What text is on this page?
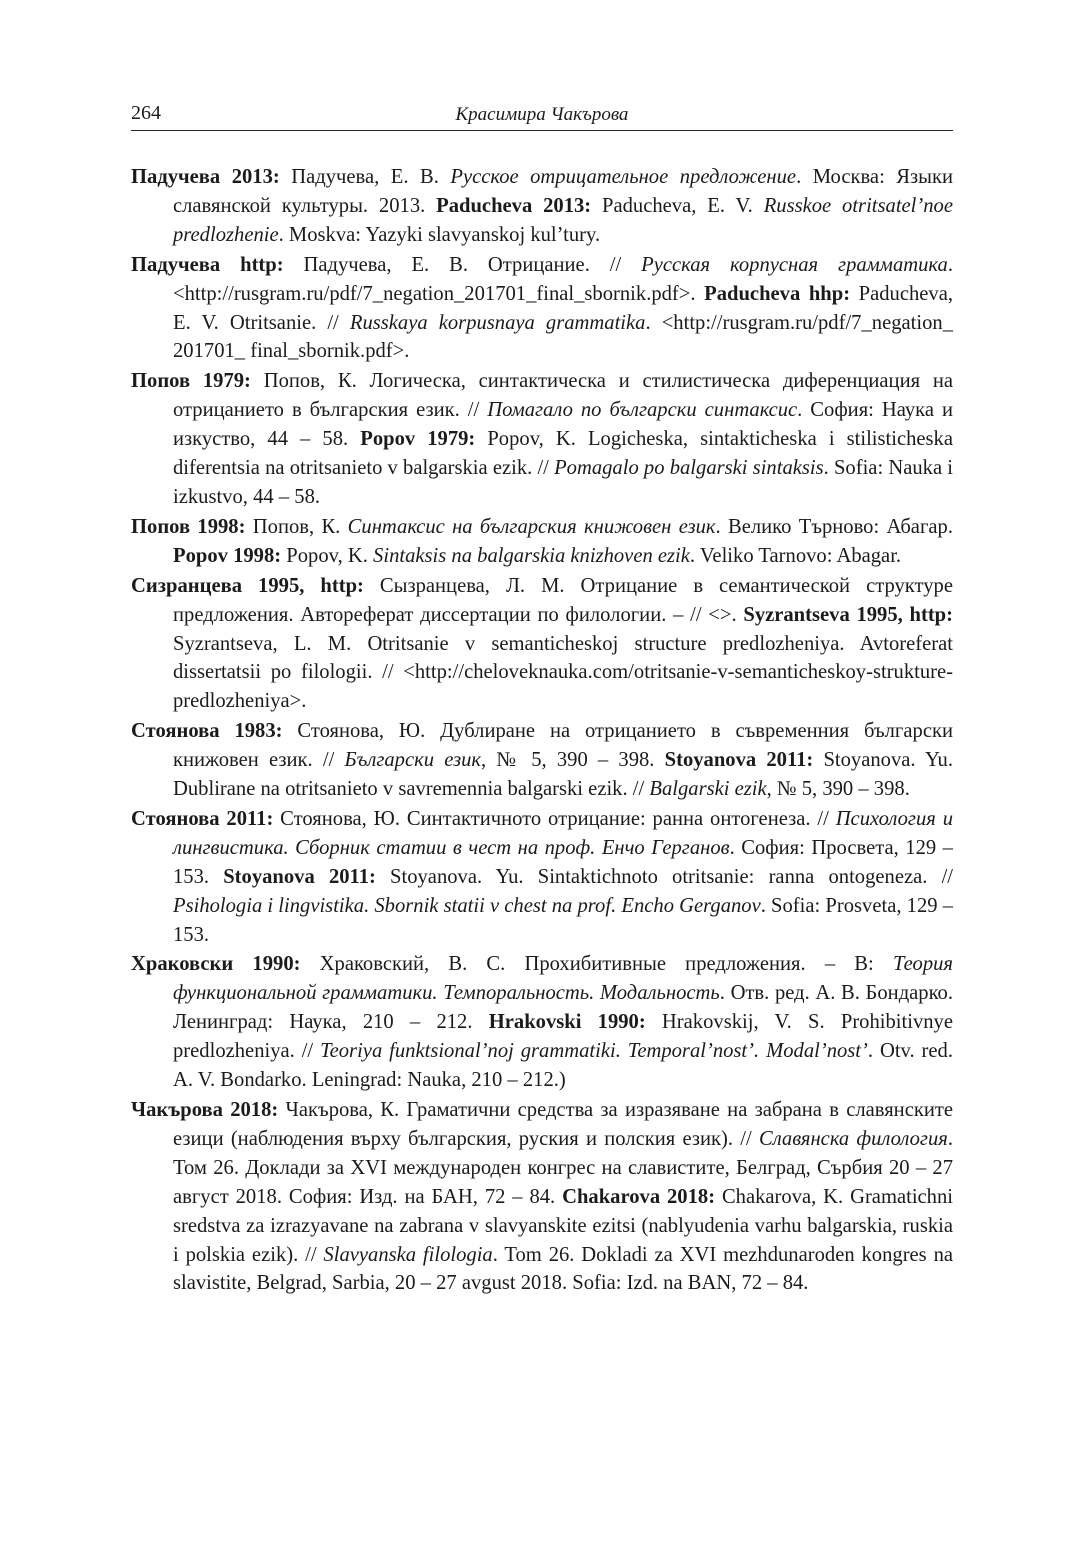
264	Красимира Чакърова

Падучева 2013: Падучева, Е. В. Русское отрицательное предложение. Москва: Языки славянской культуры. 2013. Paducheva 2013: Paducheva, E. V. Russkoe otritsatel’noe predlozhenie. Moskva: Yazyki slavyanskoj kul’tury.

Падучева http: Падучева, Е. В. Отрицание. // Русская корпусная грамматика. <http://rusgram.ru/pdf/7_negation_201701_final_sbornik.pdf>. Paducheva hhp: Paducheva, E. V. Otritsanie. // Russkaya korpusnaya grammatika. <http://rusgram.ru/pdf/7_negation_ 201701_ final_sbornik.pdf>.

Попов 1979: Попов, К. Логическа, синтактическа и стилистическа диференциация на отрицанието в българския език. // Помагало по български синтаксис. София: Наука и изкуство, 44 – 58. Popov 1979: Popov, K. Logicheska, sintakticheska i stilisticheska diferentsia na otritsanieto v balgarskia ezik. // Pomagalo po balgarski sintaksis. Sofia: Nauka i izkustvo, 44 – 58.

Попов 1998: Попов, К. Синтаксис на българския книжовен език. Велико Търново: Абагар. Popov 1998: Popov, K. Sintaksis na balgarskia knizhoven ezik. Veliko Tarnovo: Abagar.

Сизранцева 1995, http: Сызранцева, Л. М. Отрицание в семантической структуре предложения. Автореферат диссертации по филологии. – // <>. Syzrantseva 1995, http: Syzrantseva, L. M. Otritsanie v semanticheskoj structure predlozheniya. Avtoreferat dissertatsii po filologii. // <http://cheloveknauka.com/otritsanie-v-semanticheskoy-strukture-predlozheniya>.

Стоянова 1983: Стоянова, Ю. Дублиране на отрицанието в съвременния български книжовен език. // Български език, № 5, 390 – 398. Stoyanova 2011: Stoyanova. Yu. Dublirane na otritsanieto v savremennia balgarski ezik. // Balgarski ezik, № 5, 390 – 398.

Стоянова 2011: Стоянова, Ю. Синтактичното отрицание: ранна онтогенеза. // Психология и лингвистика. Сборник статии в чест на проф. Енчо Герганов. София: Просвета, 129 – 153. Stoyanova 2011: Stoyanova. Yu. Sintaktichnoto otritsanie: ranna ontogeneza. // Psihologia i lingvistika. Sbornik statii v chest na prof. Encho Gerganov. Sofia: Prosveta, 129 – 153.

Храковски 1990: Храковский, В. С. Прохибитивные предложения. – В: Теория функциональной грамматики. Темпоральность. Модальность. Отв. ред. А. В. Бондарко. Ленинград: Наука, 210 – 212. Hrakovski 1990: Hrakovskij, V. S. Prohibitivnye predlozheniya. // Teoriya funktsional’noj grammatiki. Temporal’nost’. Modal’nost’. Otv. red. A. V. Bondarko. Leningrad: Nauka, 210 – 212.)

Чакърова 2018: Чакърова, К. Граматични средства за изразяване на забрана в славянските езици (наблюдения върху българския, руския и полския език). // Славянска филология. Том 26. Доклади за XVI международен конгрес на славистите, Белград, Сърбия 20 – 27 август 2018. София: Изд. на БАН, 72 – 84. Chakarova 2018: Chakarova, K. Gramatichni sredstva za izrazyavane na zabrana v slavyanskite ezitsi (nablyudenia varhu balgarskia, ruskia i polskia ezik). // Slavyanska filologia. Tom 26. Dokladi za XVI mezhdunaroden kongres na slavistite, Belgrad, Sarbia, 20 – 27 avgust 2018. Sofia: Izd. na BAN, 72 – 84.
